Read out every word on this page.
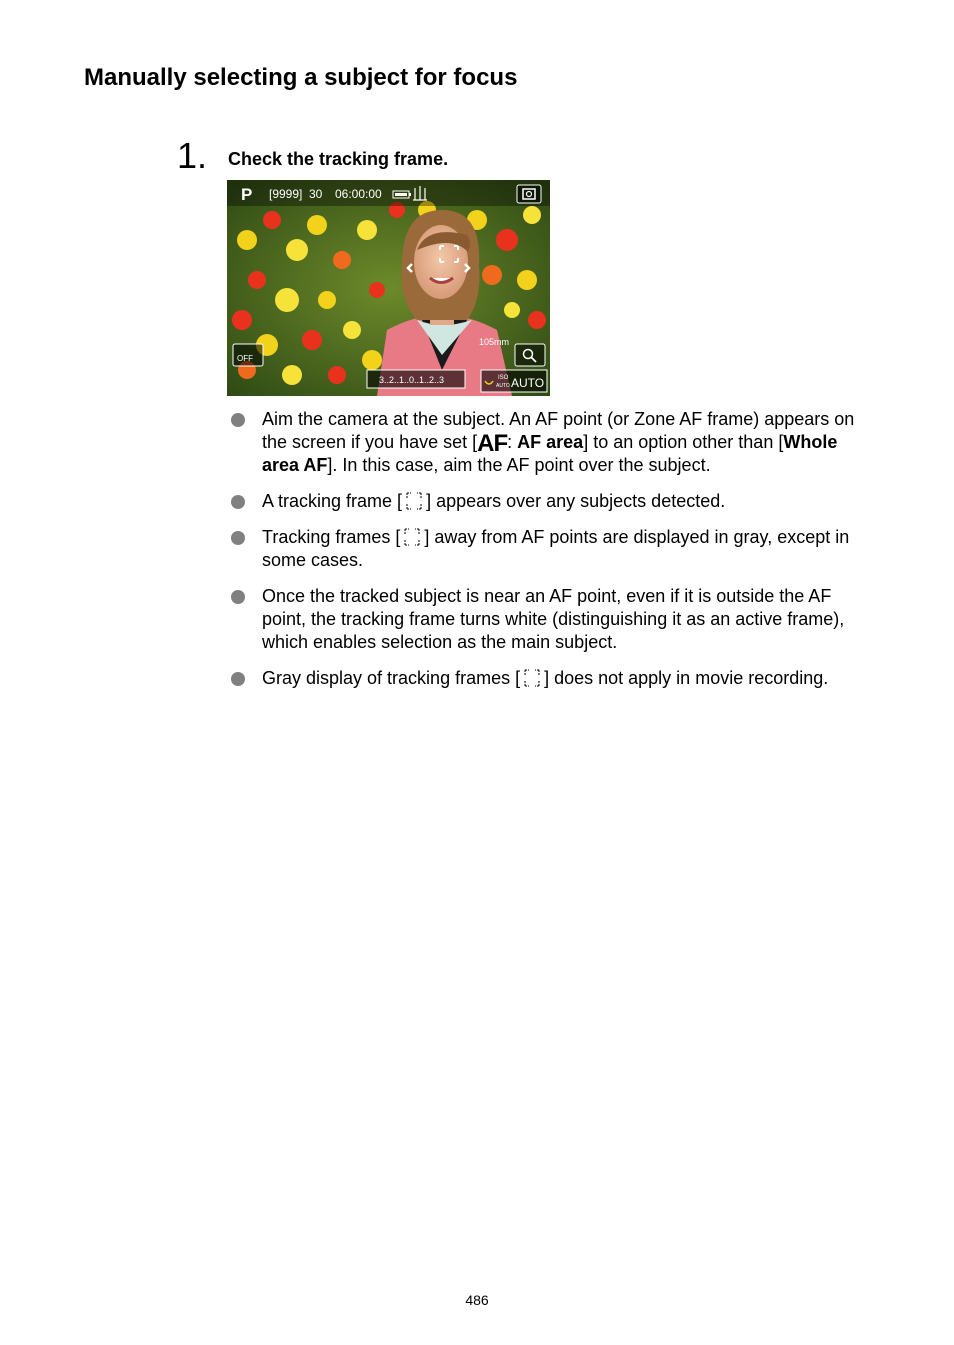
Manually selecting a subject for focus
1. Check the tracking frame.
P [9999] 30 06:00:00
OFF
105mm
3..2..1..0..1..2..3	ISO
AUTO AUTO
Aim the camera at the subject. An AF point (or Zone AF frame) appears on the screen if you have set [AF: AF area] to an option other than [Whole area AF]. In this case, aim the AF point over the subject.
A tracking frame [ ] appears over any subjects detected.
Tracking frames [ ] away from AF points are displayed in gray, except in some cases.
Once the tracked subject is near an AF point, even if it is outside the AF point, the tracking frame turns white (distinguishing it as an active frame), which enables selection as the main subject.
Gray display of tracking frames [ ] does not apply in movie recording.
486
